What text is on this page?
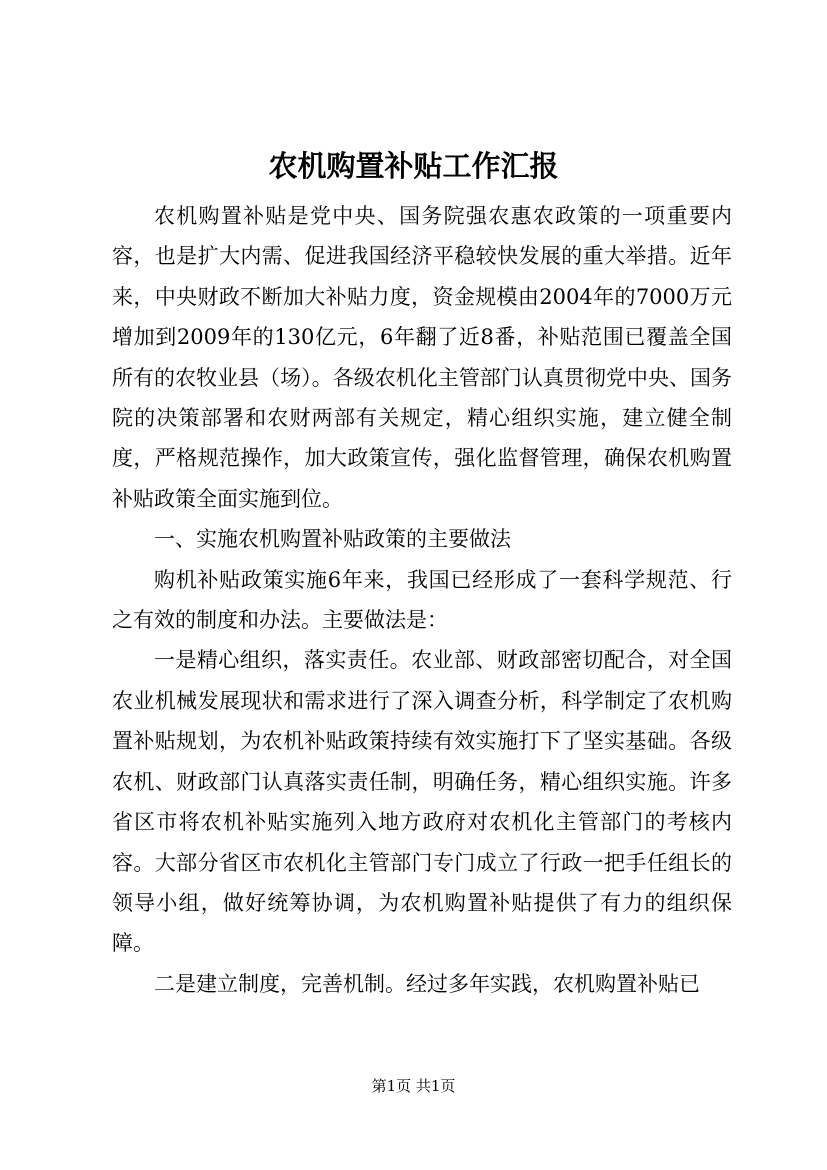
农机购置补贴工作汇报

农机购置补贴是党中央、国务院强农惠农政策的一项重要内容，也是扩大内需、促进我国经济平稳较快发展的重大举措。近年来，中央财政不断加大补贴力度，资金规模由2004年的7000万元增加到2009年的130亿元，6年翻了近8番，补贴范围已覆盖全国所有的农牧业县（场）。各级农机化主管部门认真贯彻党中央、国务院的决策部署和农财两部有关规定，精心组织实施，建立健全制度，严格规范操作，加大政策宣传，强化监督管理，确保农机购置补贴政策全面实施到位。

一、实施农机购置补贴政策的主要做法

购机补贴政策实施6年来，我国已经形成了一套科学规范、行之有效的制度和办法。主要做法是：

一是精心组织，落实责任。农业部、财政部密切配合，对全国农业机械发展现状和需求进行了深入调查分析，科学制定了农机购置补贴规划，为农机补贴政策持续有效实施打下了坚实基础。各级农机、财政部门认真落实责任制，明确任务，精心组织实施。许多省区市将农机补贴实施列入地方政府对农机化主管部门的考核内容。大部分省区市农机化主管部门专门成立了行政一把手任组长的领导小组，做好统筹协调，为农机购置补贴提供了有力的组织保障。

二是建立制度，完善机制。经过多年实践，农机购置补贴已

第1页 共1页
